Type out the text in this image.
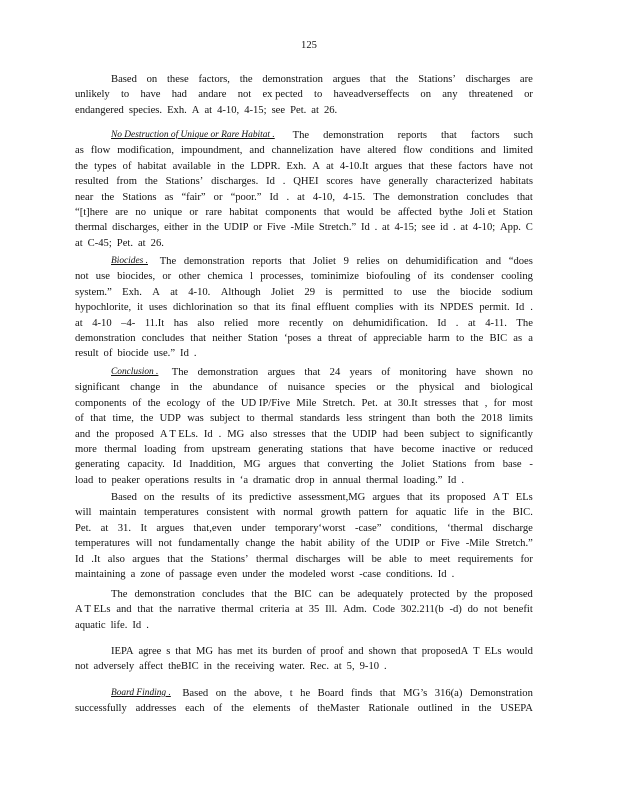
125
Based on these factors, the demonstration argues that the Stations’ discharges are
unlikely to have had andare not ex pected to haveadverseffects on any threatened or
endangered species. Exh. A at 4-10, 4-15; see Pet. at 26.
No Destruction of Unique or Rare Habitat . The demonstration reports that factors such
as flow modification, impoundment, and channelization have altered flow conditions and limited
the types of habitat available in the LDPR. Exh. A at 4-10.It argues that these factors have not
resulted from the Stations’ discharges. Id . QHEI scores have generally characterized habitats
near the Stations as “fair” or “poor.” Id . at 4-10, 4-15. The demonstration concludes that
“[t]here are no unique or rare habitat components that would be affected bythe Joli et Station
thermal discharges, either in the UDIP or Five -Mile Stretch.” Id . at 4-15; see id . at 4-10; App. C
at C-45; Pet. at 26.
Biocides . The demonstration reports that Joliet 9 relies on dehumidification and “does
not use biocides, or other chemica l processes, tominimize biofouling of its condenser cooling
system.” Exh. A at 4-10. Although Joliet 29 is permitted to use the biocide sodium
hypochlorite, it uses dichlorination so that its final effluent complies with its NPDES permit. Id .
at 4-10 –4- 11.It has also relied more recently on dehumidification. Id . at 4-11. The
demonstration concludes that neither Station ‘poses a threat of appreciable harm to the BIC as a
result of biocide use.” Id .
Conclusion . The demonstration argues that 24 years of monitoring have shown no
significant change in the abundance of nuisance species or the physical and biological
components of the ecology of the UD IP/Five Mile Stretch. Pet. at 30.It stresses that , for most
of that time, the UDP was subject to thermal standards less stringent than both the 2018 limits
and the proposed A T ELs. Id . MG also stresses that the UDIP had been subject to significantly
more thermal loading from upstream generating stations that have become inactive or reduced
generating capacity. Id Inaddition, MG argues that converting the Joliet Stations from base -
load to peaker operations results in ‘a dramatic drop in annual thermal loading.” Id .
Based on the results of its predictive assessment,MG argues that its proposed A T ELs
will maintain temperatures consistent with normal growth pattern for aquatic life in the BIC.
Pet. at 31. It argues that,even under temporary‘worst -case” conditions, ‘thermal discharge
temperatures will not fundamentally change the habit ability of the UDIP or Five -Mile Stretch.”
Id .It also argues that the Stations’ thermal discharges will be able to meet requirements for
maintaining a zone of passage even under the modeled worst -case conditions. Id .
The demonstration concludes that the BIC can be adequately protected by the proposed
A T ELs and that the narrative thermal criteria at 35 Ill. Adm. Code 302.211(b -d) do not benefit
aquatic life. Id .
IEPA agree s that MG has met its burden of proof and shown that proposedA T ELs would
not adversely affect theBIC in the receiving water. Rec. at 5, 9-10 .
Board Finding . Based on the above, t he Board finds that MG’s 316(a) Demonstration
successfully addresses each of the elements of theMaster Rationale outlined in the USEPA
